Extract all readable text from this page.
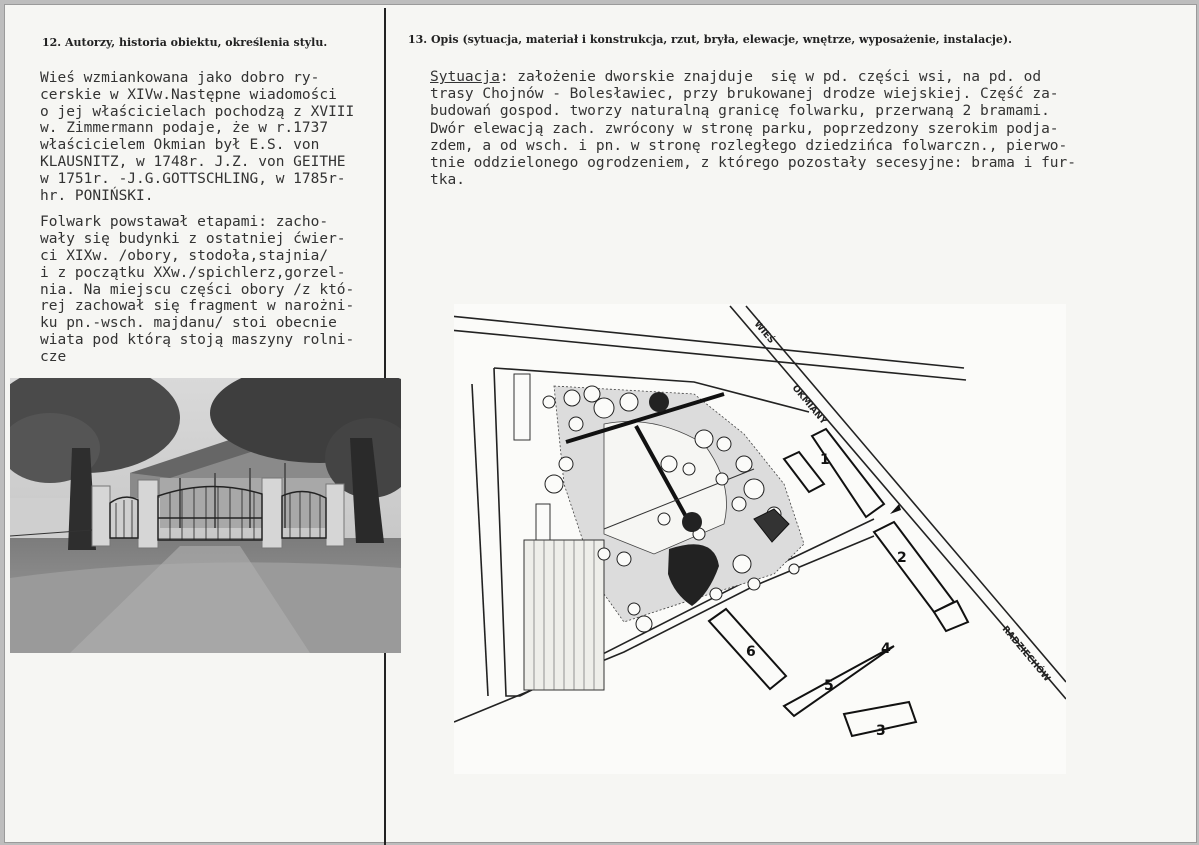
12. Autorzy, historia obiektu, określenia stylu.
Wieś wzmiankowana jako dobro ry-
cerskie w XIVw.Następne wiadomości
o jej właścicielach pochodzą z XVIII
w. Zimmermann podaje, że w r.1737
właścicielem Okmian był E.S. von
KLAUSNITZ, w 1748r. J.Z. von GEITHE
w 1751r. -J.G.GOTTSCHLING, w 1785r-
hr. PONIŃSKI.
Folwark powstawał etapami: zacho-
wały się budynki z ostatniej ćwier-
ci XIXw. /obory, stodoła,stajnia/
i z początku XXw./spichlerz,gorzel-
nia. Na miejscu części obory /z któ-
rej zachował się fragment w narożni-
ku pn.-wsch. majdanu/ stoi obecnie
wiata pod którą stoją maszyny rolni-
cze
13. Opis (sytuacja, materiał i konstrukcja, rzut, bryła, elewacje, wnętrze, wyposażenie, instalacje).
Sytuacja: założenie dworskie znajduje  się w pd. części wsi, na pd. od
trasy Chojnów - Bolesławiec, przy brukowanej drodze wiejskiej. Część za-
budowań gospod. tworzy naturalną granicę folwarku, przerwaną 2 bramami.
Dwór elewacją zach. zwrócony w stronę parku, poprzedzony szerokim podja-
zdem, a od wsch. i pn. w stronę rozległego dziedzińca folwarczn., pierwo-
tnie oddzielonego ogrodzeniem, z którego pozostały secesyjne: brama i fur-
tka.
1
2
3
4
5
6
OKMIANY
WIEŚ
RADZIECHÓW
